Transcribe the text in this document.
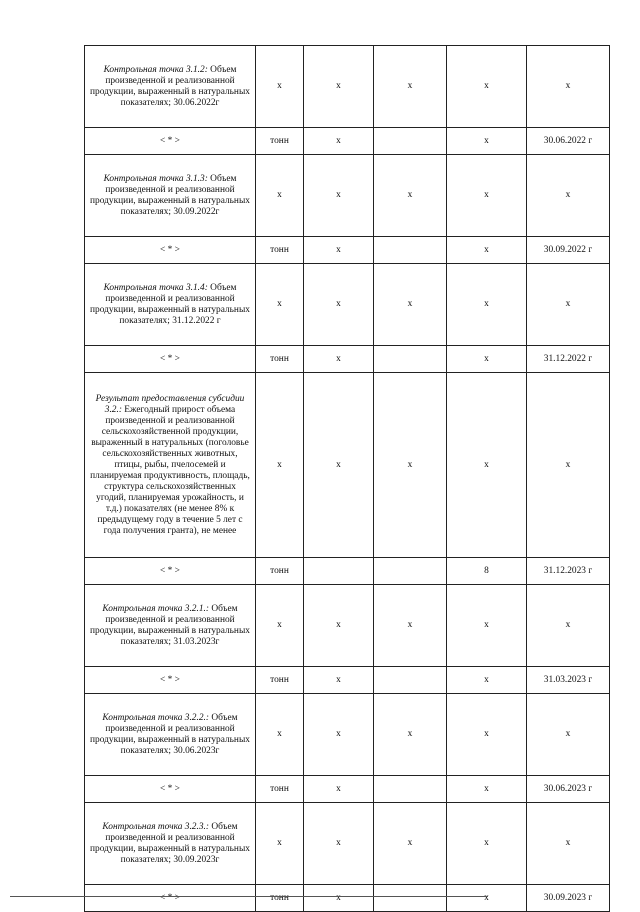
Контрольная точка 3.1.2: Объем произведенной и реализованной продукции, выраженный в натуральных показателях; 30.06.2022г	x	x	x	x	x
< * >	тонн	x		x	30.06.2022 г
Контрольная точка 3.1.3: Объем произведенной и реализованной продукции, выраженный в натуральных показателях; 30.09.2022г	x	x	x	x	x
< * >	тонн	x		x	30.09.2022 г
Контрольная точка 3.1.4: Объем произведенной и реализованной продукции, выраженный в натуральных показателях; 31.12.2022 г	x	x	x	x	x
< * >	тонн	x		x	31.12.2022 г
Результат предоставления субсидии 3.2.: Ежегодный прирост объема произведенной и реализованной сельскохозяйственной продукции, выраженный в натуральных (поголовье сельскохозяйственных животных, птицы, рыбы, пчелосемей и планируемая продуктивность, площадь, структура сельскохозяйственных угодий, планируемая урожайность, и т.д.) показателях (не менее 8% к предыдущему году в течение 5 лет с года получения гранта), не менее	x	x	x	x	x
< * >	тонн			8	31.12.2023 г
Контрольная точка 3.2.1.: Объем произведенной и реализованной продукции, выраженный в натуральных показателях; 31.03.2023г	x	x	x	x	x
< * >	тонн	x		x	31.03.2023 г
Контрольная точка 3.2.2.: Объем произведенной и реализованной продукции, выраженный в натуральных показателях; 30.06.2023г	x	x	x	x	x
< * >	тонн	x		x	30.06.2023 г
Контрольная точка 3.2.3.: Объем произведенной и реализованной продукции, выраженный в натуральных показателях; 30.09.2023г	x	x	x	x	x
< * >	тонн	x		x	30.09.2023 г
